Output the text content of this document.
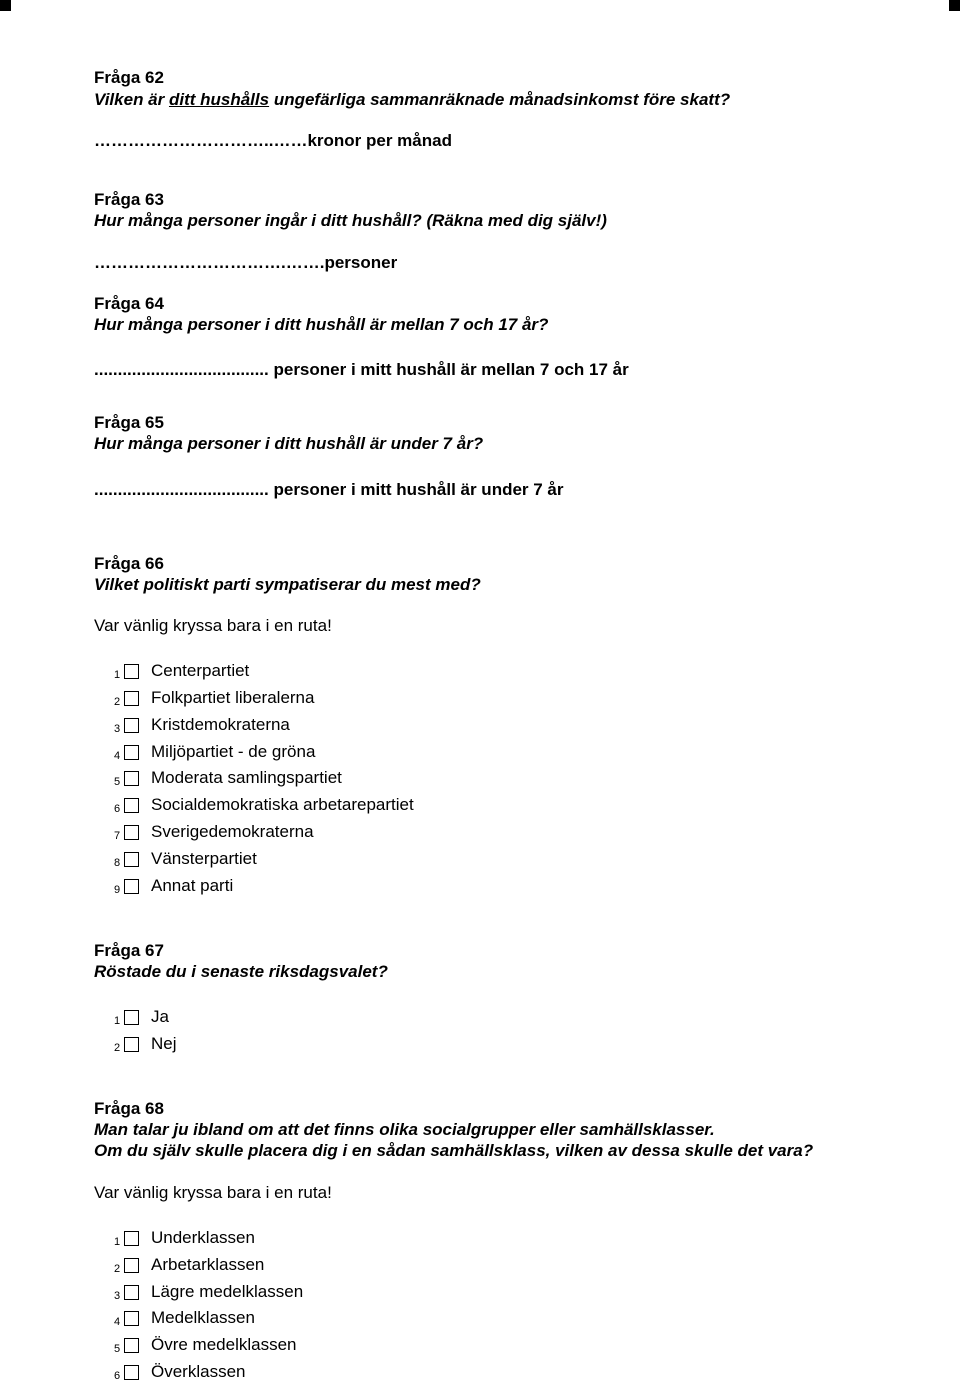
Fråga 62
Vilken är ditt hushålls ungefärliga sammanräknade månadsinkomst före skatt?
…………………………..……kronor per månad
Fråga 63
Hur många personer ingår i ditt hushåll? (Räkna med dig själv!)
…………………………….…….personer
Fråga 64
Hur många personer i ditt hushåll är mellan 7 och 17 år?
..................................... personer i mitt hushåll är mellan 7 och 17 år
Fråga 65
Hur många personer i ditt hushåll är under 7 år?
..................................... personer i mitt hushåll är under 7 år
Fråga 66
Vilket politiskt parti sympatiserar du mest med?
Var vänlig kryssa bara i en ruta!
1 Centerpartiet
2 Folkpartiet liberalerna
3 Kristdemokraterna
4 Miljöpartiet - de gröna
5 Moderata samlingspartiet
6 Socialdemokratiska arbetarepartiet
7 Sverigedemokraterna
8 Vänsterpartiet
9 Annat parti
Fråga 67
Röstade du i senaste riksdagsvalet?
1 Ja
2 Nej
Fråga 68
Man talar ju ibland om att det finns olika socialgrupper eller samhällsklasser.
Om du själv skulle placera dig i en sådan samhällsklass, vilken av dessa skulle det vara?
Var vänlig kryssa bara i en ruta!
1 Underklassen
2 Arbetarklassen
3 Lägre medelklassen
4 Medelklassen
5 Övre medelklassen
6 Överklassen
